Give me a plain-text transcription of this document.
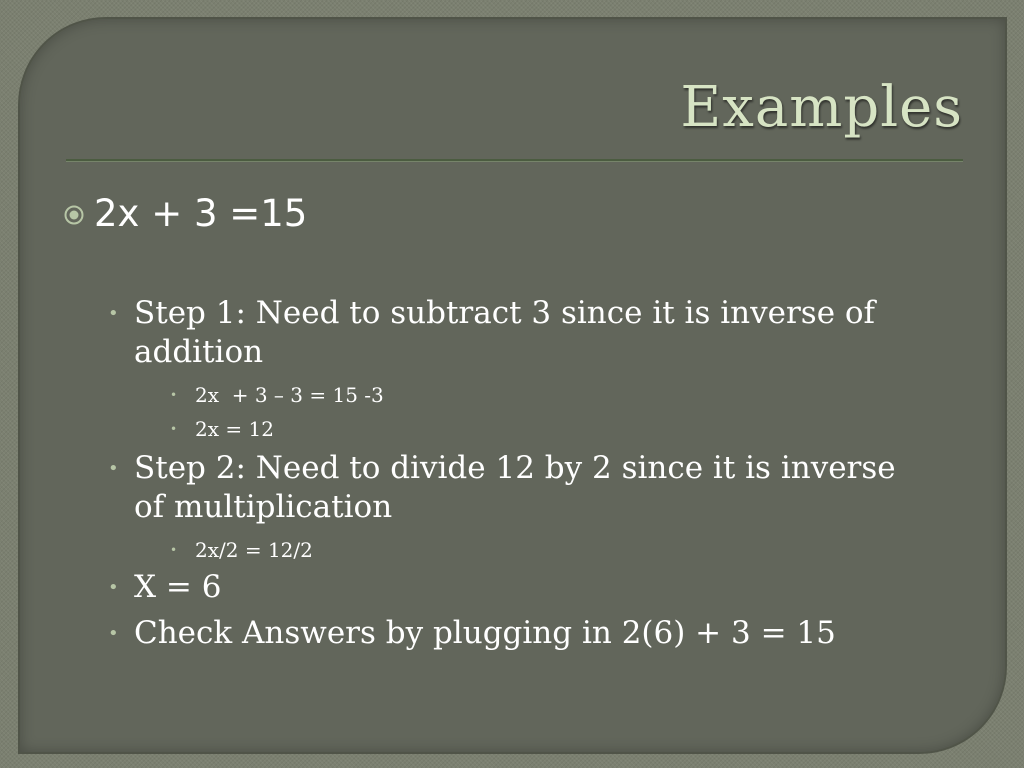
Examples
2x + 3 =15
• Step 1: Need to subtract 3 since it is inverse of addition
• 2x  + 3 – 3 = 15 -3
• 2x = 12
• Step 2: Need to divide 12 by 2 since it is inverse of multiplication
• 2x/2 = 12/2
• X = 6
• Check Answers by plugging in 2(6) + 3 = 15
